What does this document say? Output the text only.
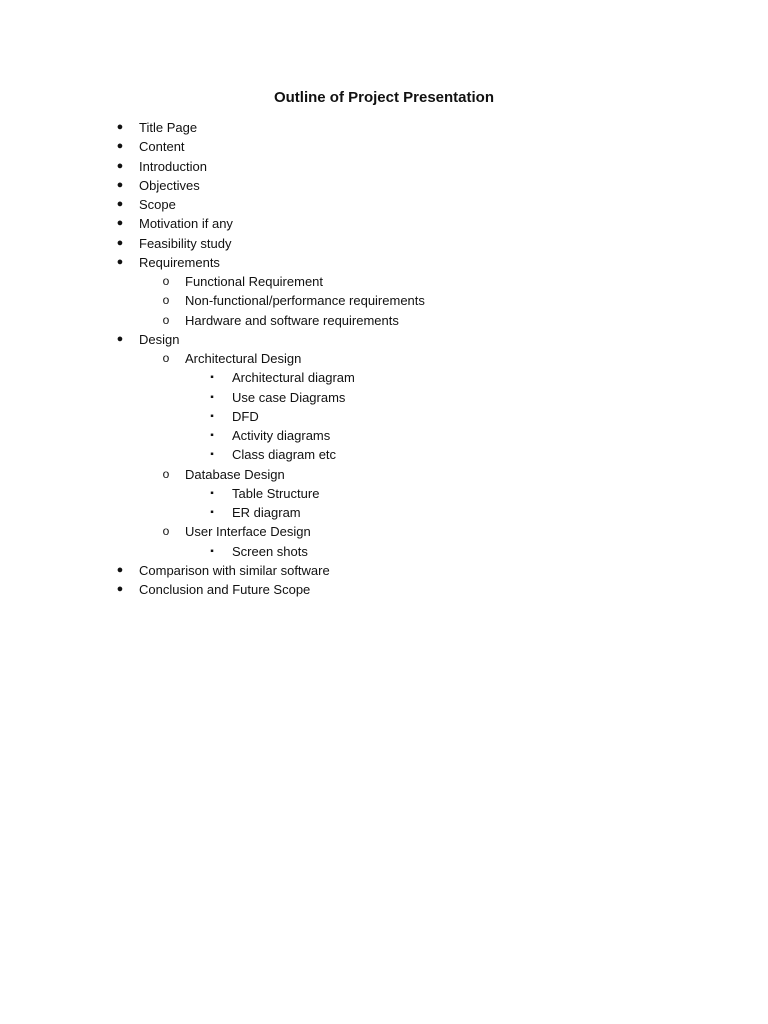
Outline of Project Presentation
●	Title Page
●	Content
●	Introduction
●	Objectives
●	Scope
●	Motivation if any
●	Feasibility study
●	Requirements
o	Functional Requirement
o	Non-functional/performance requirements
o	Hardware and software requirements
●	Design
o	Architectural Design
▪	Architectural diagram
▪	Use case Diagrams
▪	DFD
▪	Activity diagrams
▪	Class diagram etc
o	Database Design
▪	Table Structure
▪	ER diagram
o	User Interface Design
▪	Screen shots
●	Comparison with similar software
●	Conclusion and Future Scope
